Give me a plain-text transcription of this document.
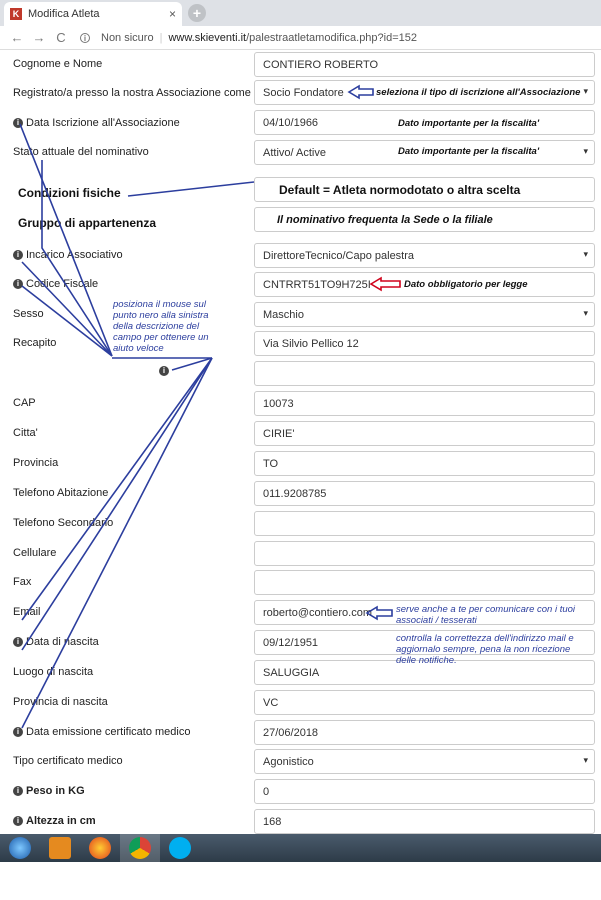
K Modifica Atleta	×	+
← → C	i	Non sicuro | www.skieventi.it/palestraatletamodifica.php?id=152
Cognome e Nome	CONTIERO ROBERTO
Registrato/a presso la nostra Associazione come Socio Fondatore
▾
i Data Iscrizione all'Associazione	04/10/1966
Stato attuale del nominativo	Attivo/ Active
▾
Condizioni fisiche	Default = Atleta normodotato o altra scelta
Gruppo di appartenenza	Il nominativo frequenta la Sede o la filiale
i Incarico Associativo	DirettoreTecnico/Capo palestra
▾
i Codice Fiscale	CNTRRT51TO9H725I
Sesso	Maschio
▾
Recapito	Via Silvio Pellico 12
CAP	10073
Citta'	CIRIE'
Provincia	TO
Telefono Abitazione	011.9208785
Telefono Secondario
Cellulare
Fax
Email	roberto@contiero.com
i Data di nascita	09/12/1951
Luogo di nascita	SALUGGIA
Provincia di nascita	VC
i Data emissione certificato medico	27/06/2018
Tipo certificato medico	Agonistico
▾
i Peso in KG	0
i Altezza in cm	168
seleziona il tipo di iscrizione all'Associazione
Dato importante per la fiscalita'
Dato importante per la fiscalita'
Dato obbligatorio per legge
posiziona il mouse sul punto nero alla sinistra della descrizione del campo per ottenere un aiuto veloce
serve anche a te per comunicare con i tuoi associati / tesserati
controlla la correttezza dell'indirizzo mail e aggiornalo sempre, pena la non ricezione delle notifiche.
i
